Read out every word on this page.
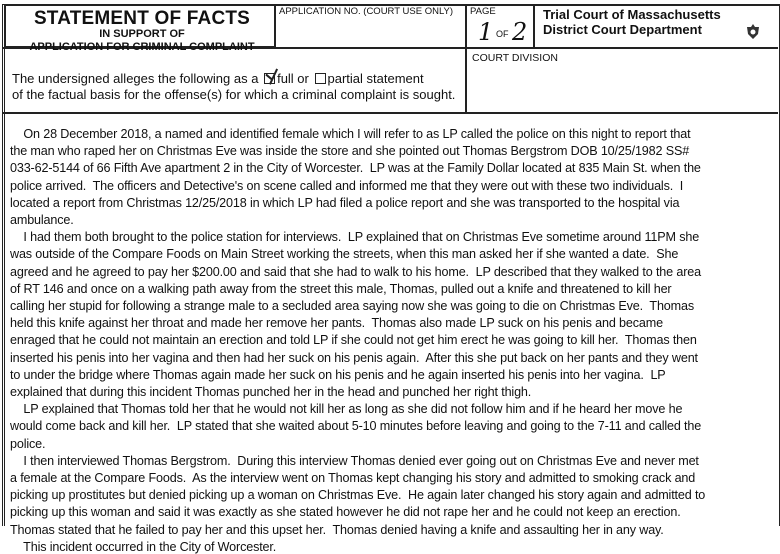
STATEMENT OF FACTS
IN SUPPORT OF
APPLICATION FOR CRIMINAL COMPLAINT
APPLICATION NO. (COURT USE ONLY) PAGE
1 OF 2
Trial Court of Massachusetts
District Court Department
The undersigned alleges the following as a full or partial statement
of the factual basis for the offense(s) for which a criminal complaint is sought.
COURT DIVISION
On 28 December 2018, a named and identified female which I will refer to as LP called the police on this night to report that
the man who raped her on Christmas Eve was inside the store and she pointed out Thomas Bergstrom DOB 10/25/1982 SS#
033-62-5144 of 66 Fifth Ave apartment 2 in the City of Worcester.  LP was at the Family Dollar located at 835 Main St. when the
police arrived.  The officers and Detective's on scene called and informed me that they were out with these two individuals.  I
located a report from Christmas 12/25/2018 in which LP had filed a police report and she was transported to the hospital via
ambulance.
I had them both brought to the police station for interviews.  LP explained that on Christmas Eve sometime around 11PM she
was outside of the Compare Foods on Main Street working the streets, when this man asked her if she wanted a date.  She
agreed and he agreed to pay her $200.00 and said that she had to walk to his home.  LP described that they walked to the area
of RT 146 and once on a walking path away from the street this male, Thomas, pulled out a knife and threatened to kill her
calling her stupid for following a strange male to a secluded area saying now she was going to die on Christmas Eve.  Thomas
held this knife against her throat and made her remove her pants.  Thomas also made LP suck on his penis and became
enraged that he could not maintain an erection and told LP if she could not get him erect he was going to kill her.  Thomas then
inserted his penis into her vagina and then had her suck on his penis again.  After this she put back on her pants and they went
to under the bridge where Thomas again made her suck on his penis and he again inserted his penis into her vagina.  LP
explained that during this incident Thomas punched her in the head and punched her right thigh.
LP explained that Thomas told her that he would not kill her as long as she did not follow him and if he heard her move he
would come back and kill her.  LP stated that she waited about 5-10 minutes before leaving and going to the 7-11 and called the
police.
I then interviewed Thomas Bergstrom.  During this interview Thomas denied ever going out on Christmas Eve and never met
a female at the Compare Foods.  As the interview went on Thomas kept changing his story and admitted to smoking crack and
picking up prostitutes but denied picking up a woman on Christmas Eve.  He again later changed his story again and admitted to
picking up this woman and said it was exactly as she stated however he did not rape her and he could not keep an erection.
Thomas stated that he failed to pay her and this upset her.  Thomas denied having a knife and assaulting her in any way.
This incident occurred in the City of Worcester.
